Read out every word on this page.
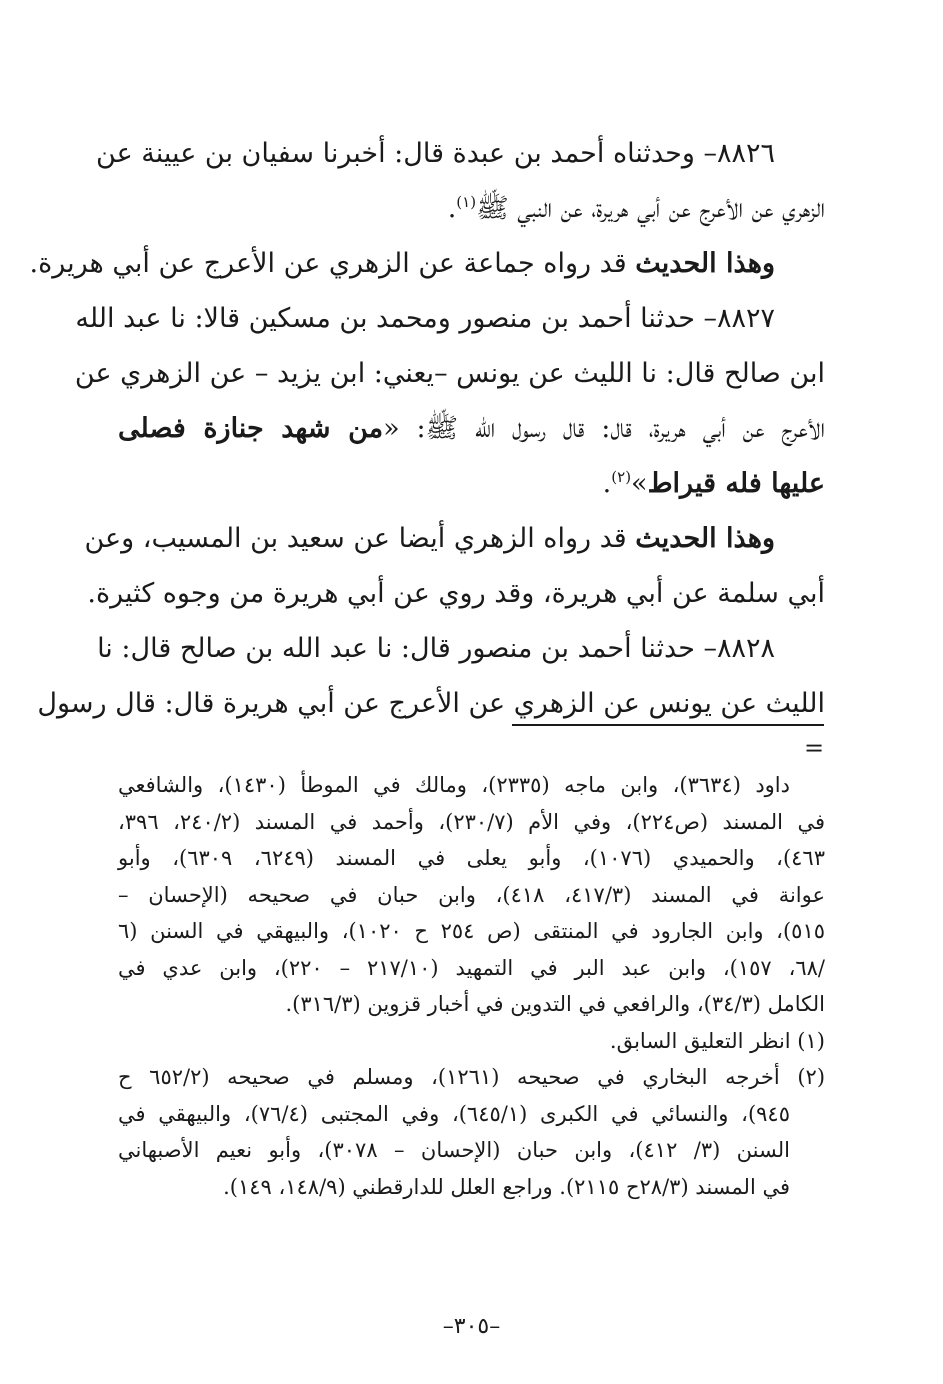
٨٨٢٦– وحدثناه أحمد بن عبدة قال: أخبرنا سفيان بن عيينة عن
الزهري عن الأعرج عن أبي هريرة، عن النبي ﷺ$^{(١)}$.
وهذا الحديث قد رواه جماعة عن الزهري عن الأعرج عن أبي هريرة.
٨٨٢٧– حدثنا أحمد بن منصور ومحمد بن مسكين قالا: نا عبد الله
ابن صالح قال: نا الليث عن يونس –يعني: ابن يزيد – عن الزهري عن
الأعرج عن أبي هريرة، قال: قال رسول الله ﷺ: «من شهد جنازة فصلى
عليها فله قيراط»$^{(٢)}$.
وهذا الحديث قد رواه الزهري أيضا عن سعيد بن المسيب، وعن
أبي سلمة عن أبي هريرة، وقد روي عن أبي هريرة من وجوه كثيرة.
٨٨٢٨– حدثنا أحمد بن منصور قال: نا عبد الله بن صالح قال: نا
الليث عن يونس عن الزهري عن الأعرج عن أبي هريرة قال: قال رسول
=
داود (٣٦٣٤)، وابن ماجه (٢٣٣٥)، ومالك في الموطأ (١٤٣٠)، والشافعي
في المسند (ص٢٢٤)، وفي الأم (٢٣٠/٧)، وأحمد في المسند (٢٤٠/٢، ٣٩٦،
٤٦٣)، والحميدي (١٠٧٦)، وأبو يعلى في المسند (٦٢٤٩، ٦٣٠٩)، وأبو
عوانة في المسند (٤١٧/٣، ٤١٨)، وابن حبان في صحيحه (الإحسان –
٥١٥)، وابن الجارود في المنتقى (ص ٢٥٤ ح ١٠٢٠)، والبيهقي في السنن (٦
/٦٨، ١٥٧)، وابن عبد البر في التمهيد (٢١٧/١٠ – ٢٢٠)، وابن عدي في
الكامل (٣٤/٣)، والرافعي في التدوين في أخبار قزوين (٣١٦/٣).
(١) انظر التعليق السابق.
(٢) أخرجه البخاري في صحيحه (١٢٦١)، ومسلم في صحيحه (٦٥٢/٢ ح
٩٤٥)، والنسائي في الكبرى (٦٤٥/١)، وفي المجتبى (٧٦/٤)، والبيهقي في
السنن (٣/ ٤١٢)، وابن حبان (الإحسان – ٣٠٧٨)، وأبو نعيم الأصبهاني
في المسند (٢٨/٣ح ٢١١٥). وراجع العلل للدارقطني (١٤٨/٩، ١٤٩).
–٣٠٥–
